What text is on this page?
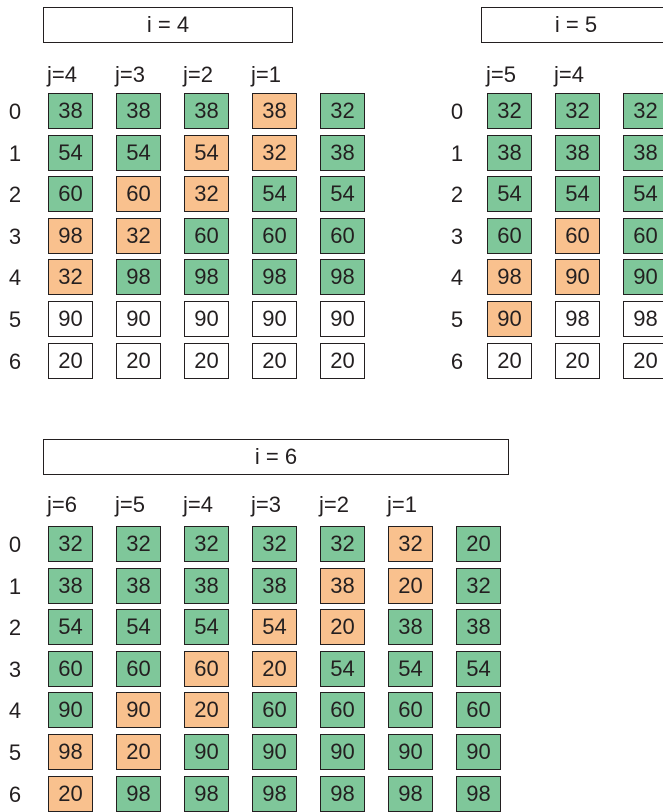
i = 4
0
1
2
3
4
5
6
j=4 j=3 j=2 j=1
38
54
60
98
32
90
20
38
54
60
32
98
90
20
38
54
32
60
98
90
20
38
32
54
60
98
90
20
32
38
54
60
98
90
20
i = 5
0
1
2
3
4
5
6
j=5 j=4
32
38
54
60
98
90
20
32
38
54
60
90
98
20
32
38
54
60
90
98
20
i = 6
0
1
2
3
4
5
6
j=6 j=5 j=4 j=3 j=2 j=1
32
38
54
60
90
98
20
32
38
54
60
90
20
98
32
38
54
60
20
90
98
32
38
54
20
60
90
98
32
38
20
54
60
90
98
32
20
38
54
60
90
98
20
32
38
54
60
90
98
